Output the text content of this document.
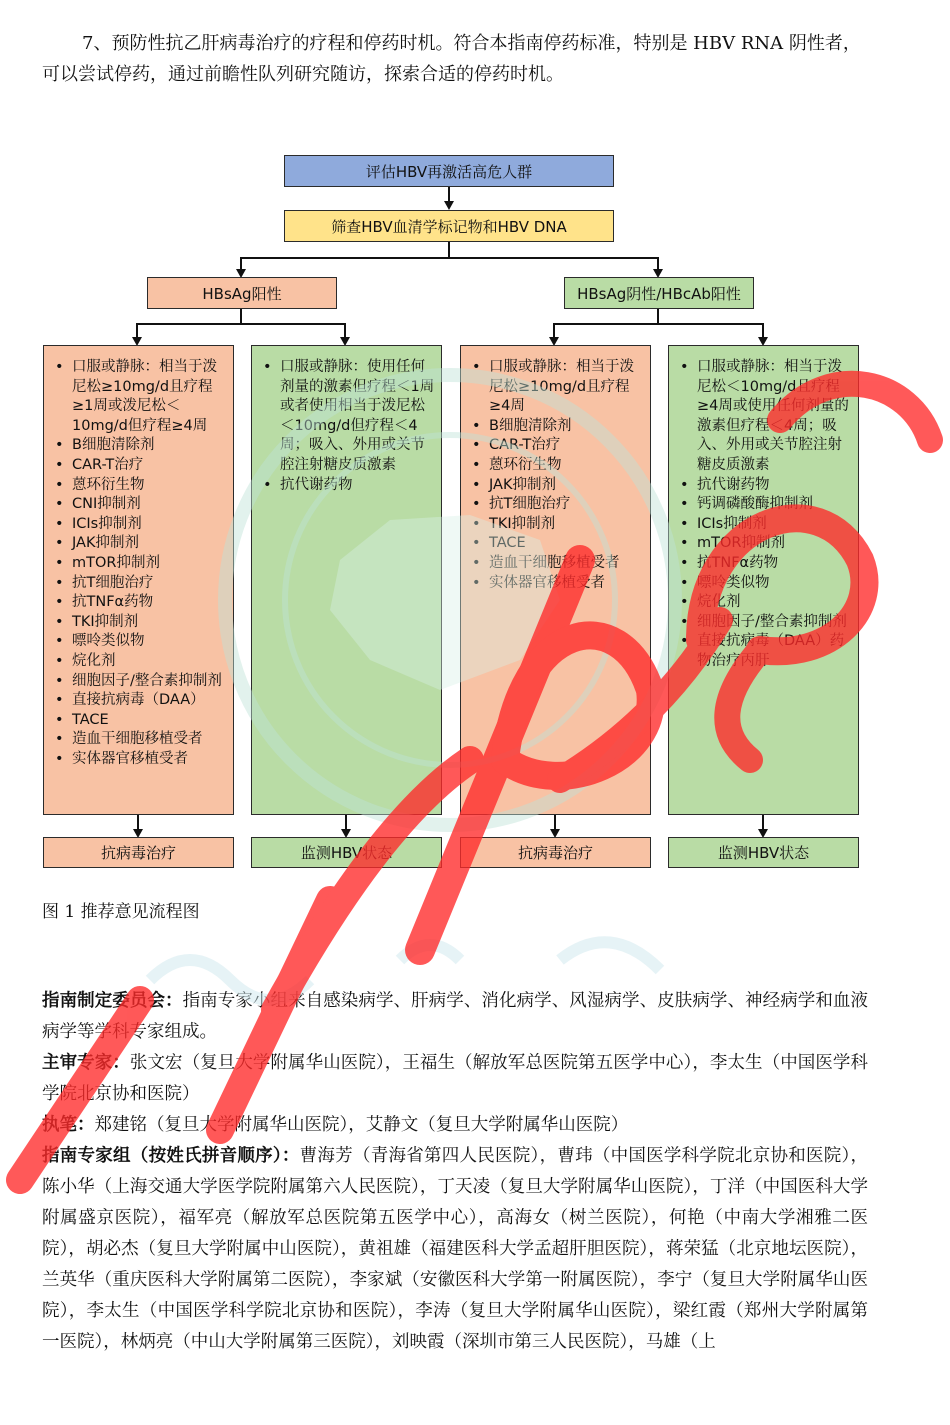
7、预防性抗乙肝病毒治疗的疗程和停药时机。符合本指南停药标准，特别是 HBV RNA 阴性者，可以尝试停药，通过前瞻性队列研究随访，探索合适的停药时机。

评估HBV再激活高危人群
筛查HBV血清学标记物和HBV DNA
HBsAg阳性	HBsAg阴性/HBcAb阳性
• 口服或静脉：相当于泼尼松≥10mg/d且疗程≥1周或泼尼松＜10mg/d但疗程≥4周
• B细胞清除剂
• CAR-T治疗
• 蒽环衍生物
• CNI抑制剂
• ICIs抑制剂
• JAK抑制剂
• mTOR抑制剂
• 抗T细胞治疗
• 抗TNFα药物
• TKI抑制剂
• 嘌呤类似物
• 烷化剂
• 细胞因子/整合素抑制剂
• 直接抗病毒（DAA）
• TACE
• 造血干细胞移植受者
• 实体器官移植受者
• 口服或静脉：使用任何剂量的激素但疗程＜1周或者使用相当于泼尼松＜10mg/d但疗程＜4周；吸入、外用或关节腔注射糖皮质激素
• 抗代谢药物
• 口服或静脉：相当于泼尼松≥10mg/d且疗程≥4周
• B细胞清除剂
• CAR-T治疗
• 蒽环衍生物
• JAK抑制剂
• 抗T细胞治疗
• TKI抑制剂
• TACE
• 造血干细胞移植受者
• 实体器官移植受者
• 口服或静脉：相当于泼尼松＜10mg/d且疗程≥4周或使用任何剂量的激素但疗程＜4周；吸入、外用或关节腔注射糖皮质激素
• 抗代谢药物
• 钙调磷酸酶抑制剂
• ICIs抑制剂
• mTOR抑制剂
• 抗TNFα药物
• 嘌呤类似物
• 烷化剂
• 细胞因子/整合素抑制剂
• 直接抗病毒（DAA）药物治疗丙肝
抗病毒治疗	监测HBV状态	抗病毒治疗	监测HBV状态
图 1 推荐意见流程图

指南制定委员会：指南专家小组来自感染病学、肝病学、消化病学、风湿病学、皮肤病学、神经病学和血液病学等学科专家组成。
主审专家：张文宏（复旦大学附属华山医院），王福生（解放军总医院第五医学中心），李太生（中国医学科学院北京协和医院）
执笔：郑建铭（复旦大学附属华山医院），艾静文（复旦大学附属华山医院）
指南专家组（按姓氏拼音顺序）：曹海芳（青海省第四人民医院），曹玮（中国医学科学院北京协和医院），陈小华（上海交通大学医学院附属第六人民医院），丁天凌（复旦大学附属华山医院），丁洋（中国医科大学附属盛京医院），福军亮（解放军总医院第五医学中心），高海女（树兰医院），何艳（中南大学湘雅二医院），胡必杰（复旦大学附属中山医院），黄祖雄（福建医科大学孟超肝胆医院），蒋荣猛（北京地坛医院），兰英华（重庆医科大学附属第二医院），李家斌（安徽医科大学第一附属医院），李宁（复旦大学附属华山医院），李太生（中国医学科学院北京协和医院），李涛（复旦大学附属华山医院），梁红霞（郑州大学附属第一医院），林炳亮（中山大学附属第三医院），刘映霞（深圳市第三人民医院），马雄（上
